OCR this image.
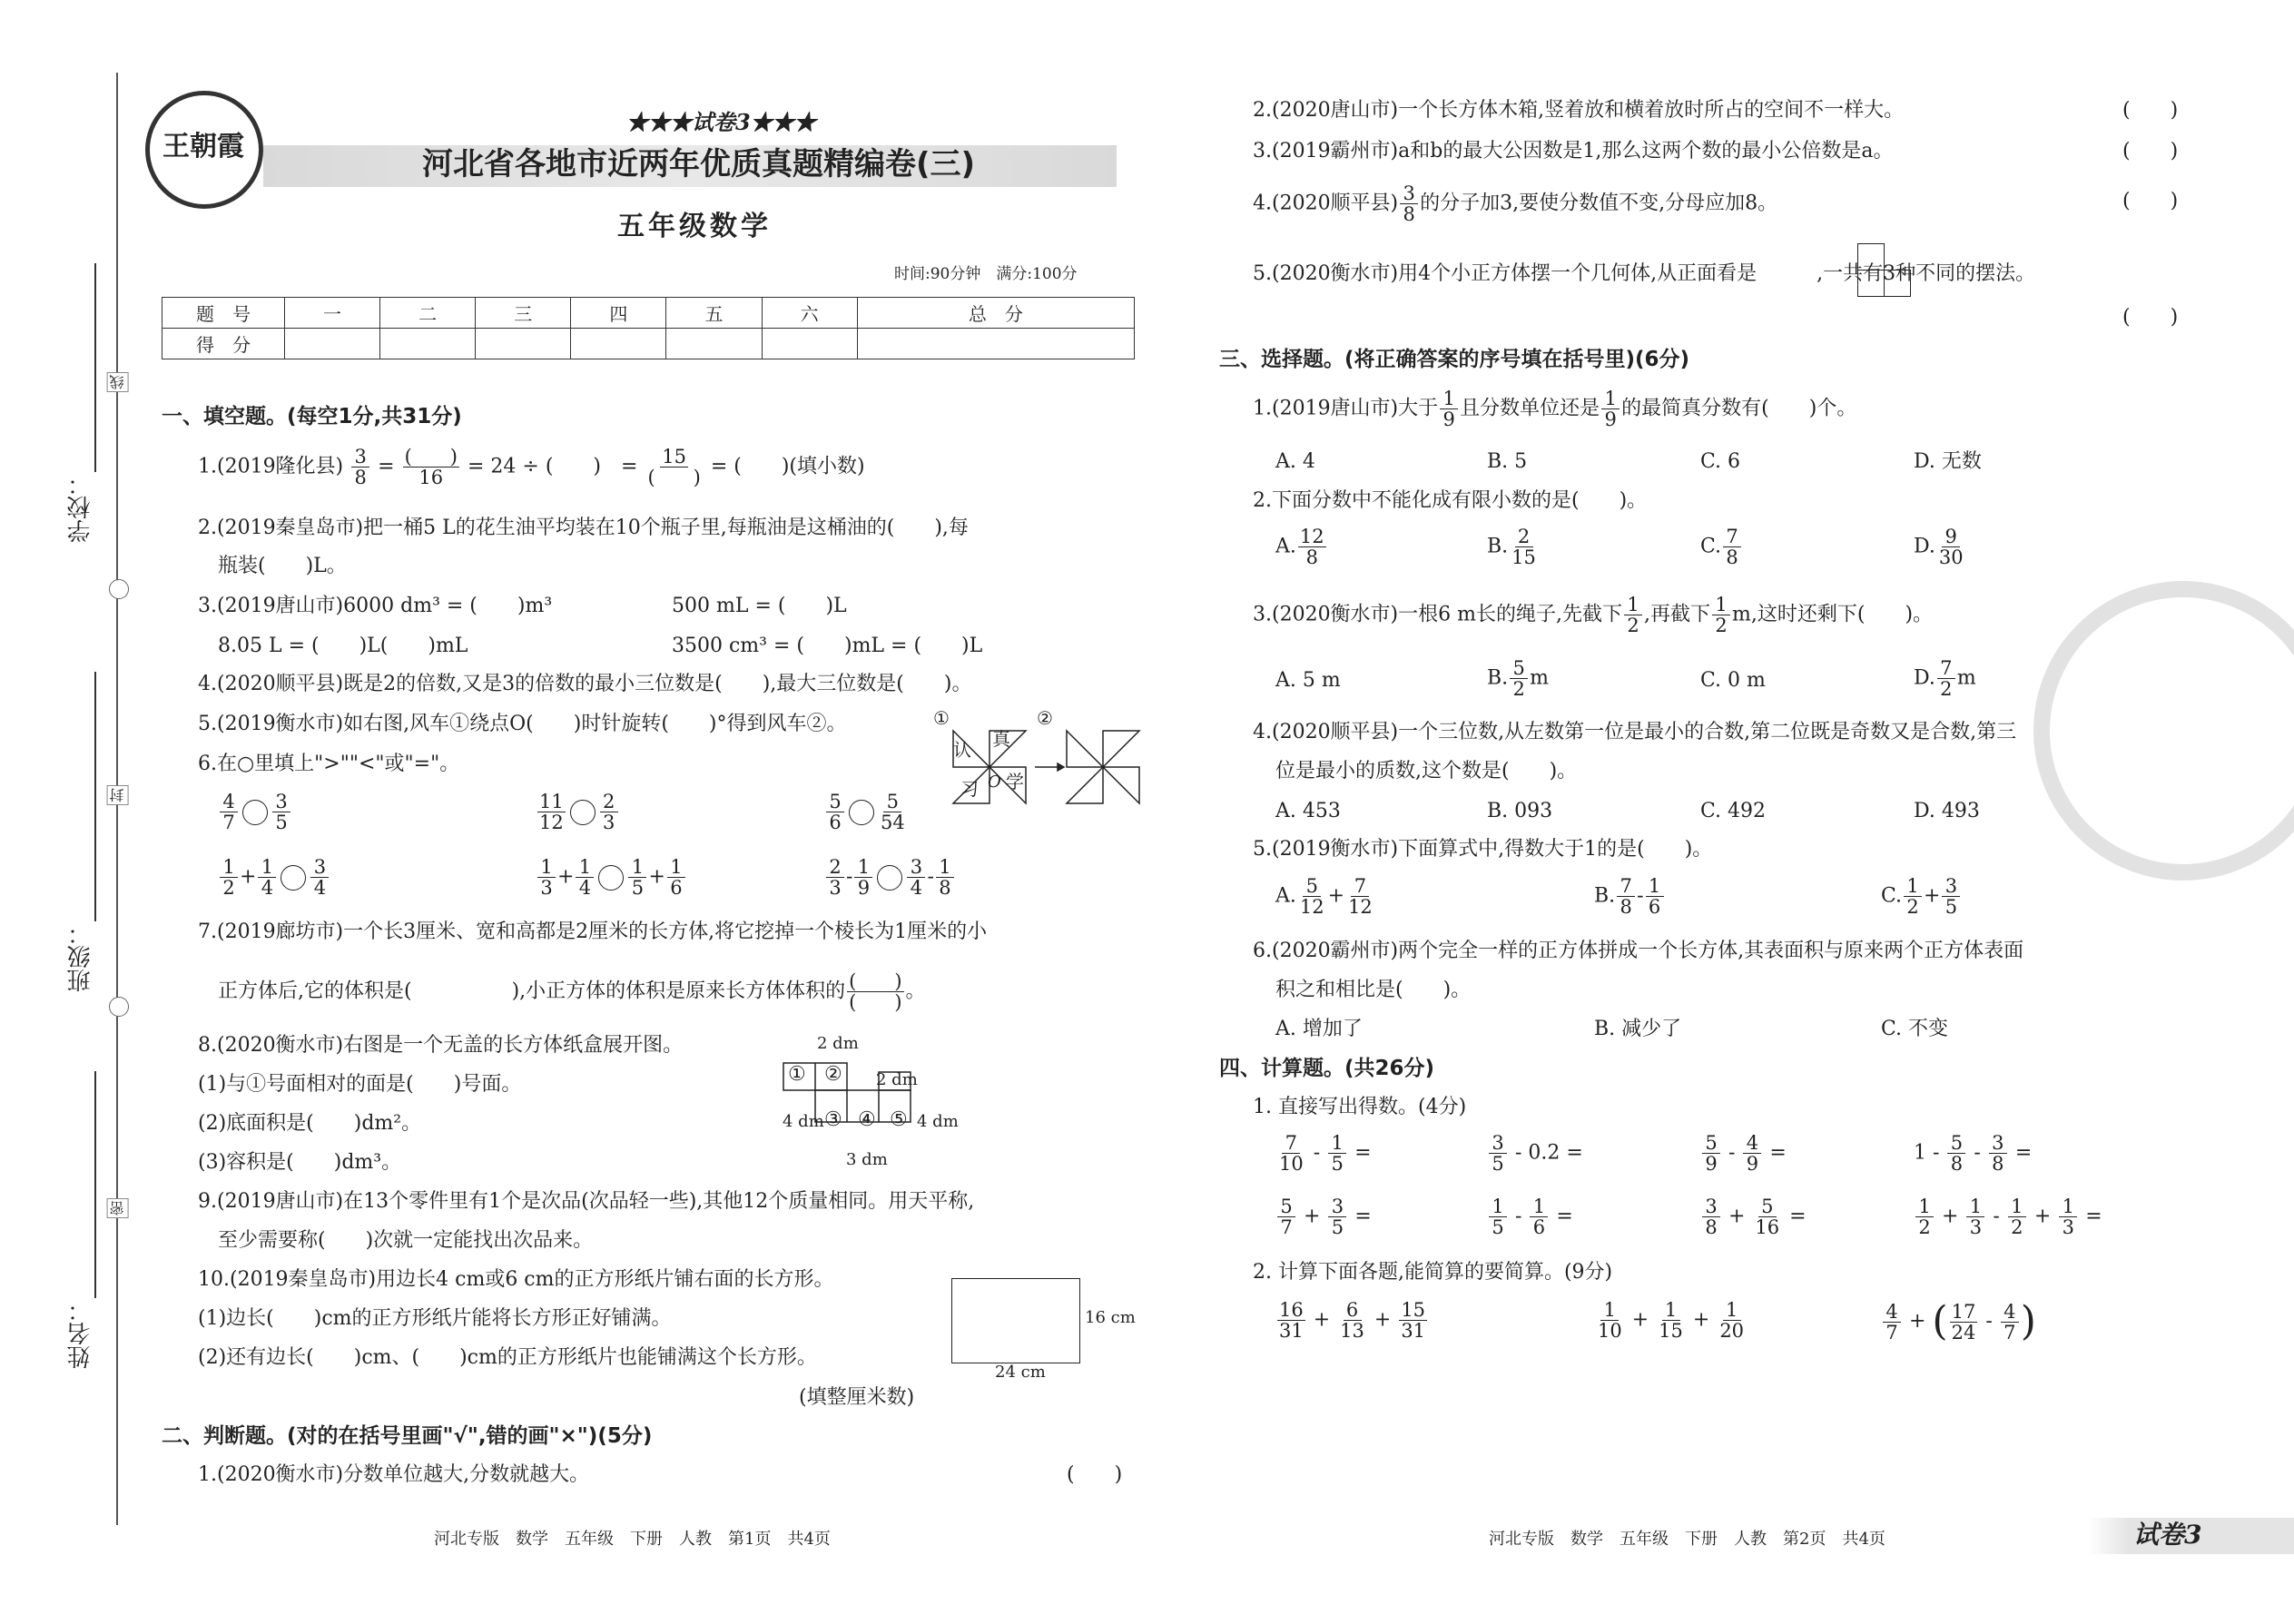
学校：
班级：
姓名：
线
封
密
王朝霞
★★★试卷3★★★
河北省各地市近两年优质真题精编卷(三)
五年级数学
时间:90分钟　满分:100分
题　号	一	二	三	四	五	六	总　分
得　分							
一、填空题。(每空1分,共31分)
1.(2019隆化县) $\frac{3}{8} = \frac{( )}{16} = 24$ ÷ (　　)　= $\frac{15}{( )}$ = (　　)(填小数)
2.(2019秦皇岛市)把一桶5 L的花生油平均装在10个瓶子里,每瓶油是这桶油的(　　),每
瓶装(　　)L。
3.(2019唐山市)6000 dm³ = (　　)m³	500 mL = (　　)L
8.05 L = (　　)L(　　)mL	3500 cm³ = (　　)mL = (　　)L
4.(2020顺平县)既是2的倍数,又是3的倍数的最小三位数是(　　),最大三位数是(　　)。
5.(2019衡水市)如右图,风车①绕点O(　　)时针旋转(　　)°得到风车②。	①	②
认 真
习 学
O
6.在○里填上">""<"或"="。
$\frac{4}{7} \frac{3}{5}$	$\frac{11}{12} \frac{2}{3}$	$\frac{5}{6} \frac{5}{54}$
$\frac{1}{2} + \frac{1}{4} \frac{3}{4}$	$\frac{1}{3} + \frac{1}{4} \frac{1}{5} + \frac{1}{6}$	$\frac{2}{3} - \frac{1}{9} \frac{3}{4} - \frac{1}{8}$
7.(2019廊坊市)一个长3厘米、宽和高都是2厘米的长方体,将它挖掉一个棱长为1厘米的小
正方体后,它的体积是(　　　　　),小正方体的体积是原来长方体体积的 $\frac{( )}{( )}$ 。
8.(2020衡水市)右图是一个无盖的长方体纸盒展开图。
(1)与①号面相对的面是(　　)号面。
(2)底面积是(　　)dm²。
(3)容积是(　　)dm³。
2 dm
2 dm
4 dm	4 dm
3 dm
① ②
③ ④ ⑤
9.(2019唐山市)在13个零件里有1个是次品(次品轻一些),其他12个质量相同。用天平称,
至少需要称(　　)次就一定能找出次品来。
10.(2019秦皇岛市)用边长4 cm或6 cm的正方形纸片铺右面的长方形。
(1)边长(　　)cm的正方形纸片能将长方形正好铺满。
(2)还有边长(　　)cm、(　　)cm的正方形纸片也能铺满这个长方形。
(填整厘米数)
16 cm
24 cm
二、判断题。(对的在括号里画"√",错的画"×")(5分)
1.(2020衡水市)分数单位越大,分数就越大。	(　　)
2.(2020唐山市)一个长方体木箱,竖着放和横着放时所占的空间不一样大。	(　　)
3.(2019霸州市)a和b的最大公因数是1,那么这两个数的最小公倍数是a。	(　　)
4.(2020顺平县) $\frac{3}{8}$ 的分子加3,要使分数值不变,分母应加8。	(　　)
5.(2020衡水市)用4个小正方体摆一个几何体,从正面看是	,一共有3种不同的摆法。
(　　)
三、选择题。(将正确答案的序号填在括号里)(6分)
1.(2019唐山市)大于 $\frac{1}{9}$ 且分数单位还是 $\frac{1}{9}$ 的最简真分数有(　　)个。
A. 4	B. 5	C. 6	D. 无数
2.下面分数中不能化成有限小数的是(　　)。
A. $\frac{12}{8}$	B. $\frac{2}{15}$	C. $\frac{7}{8}$	D. $\frac{9}{30}$
3.(2020衡水市)一根6 m长的绳子,先截下 $\frac{1}{2}$ ,再截下 $\frac{1}{2} m$,这时还剩下(　　)。
A. 5 m	B. $\frac{5}{2}$ m	C. 0 m	D. $\frac{7}{2}$ m
4.(2020顺平县)一个三位数,从左数第一位是最小的合数,第二位既是奇数又是合数,第三
位是最小的质数,这个数是(　　)。
A. 453	B. 093	C. 492	D. 493
5.(2019衡水市)下面算式中,得数大于1的是(　　)。
A. $\frac{5}{12} + \frac{7}{12}$	B. $\frac{7}{8} - \frac{1}{6}$	C. $\frac{1}{2} + \frac{3}{5}$
6.(2020霸州市)两个完全一样的正方体拼成一个长方体,其表面积与原来两个正方体表面
积之和相比是(　　)。
A. 增加了	B. 减少了	C. 不变
四、计算题。(共26分)
1. 直接写出得数。(4分)
$\frac{7}{10} - \frac{1}{5}$ =	$\frac{3}{5} - 0.2$ =	$\frac{5}{9} - \frac{4}{9}$ =	$1 - \frac{5}{8} - \frac{3}{8}$ =
$\frac{5}{7} + \frac{3}{5}$ =	$\frac{1}{5} - \frac{1}{6}$ =	$\frac{3}{8} + \frac{5}{16}$ =	$\frac{1}{2} + \frac{1}{3} - \frac{1}{2} + \frac{1}{3}$ =
2. 计算下面各题,能简算的要简算。(9分)
$\frac{16}{31} + \frac{6}{13} + \frac{15}{31}$	$\frac{1}{10} + \frac{1}{15} + \frac{1}{20}$	$\frac{4}{7}$ + ( $\frac{17}{24} - \frac{4}{7}$ )
河北专版　数学　五年级　下册　人教　第1页　共4页	河北专版　数学　五年级　下册　人教　第2页　共4页	试卷3
